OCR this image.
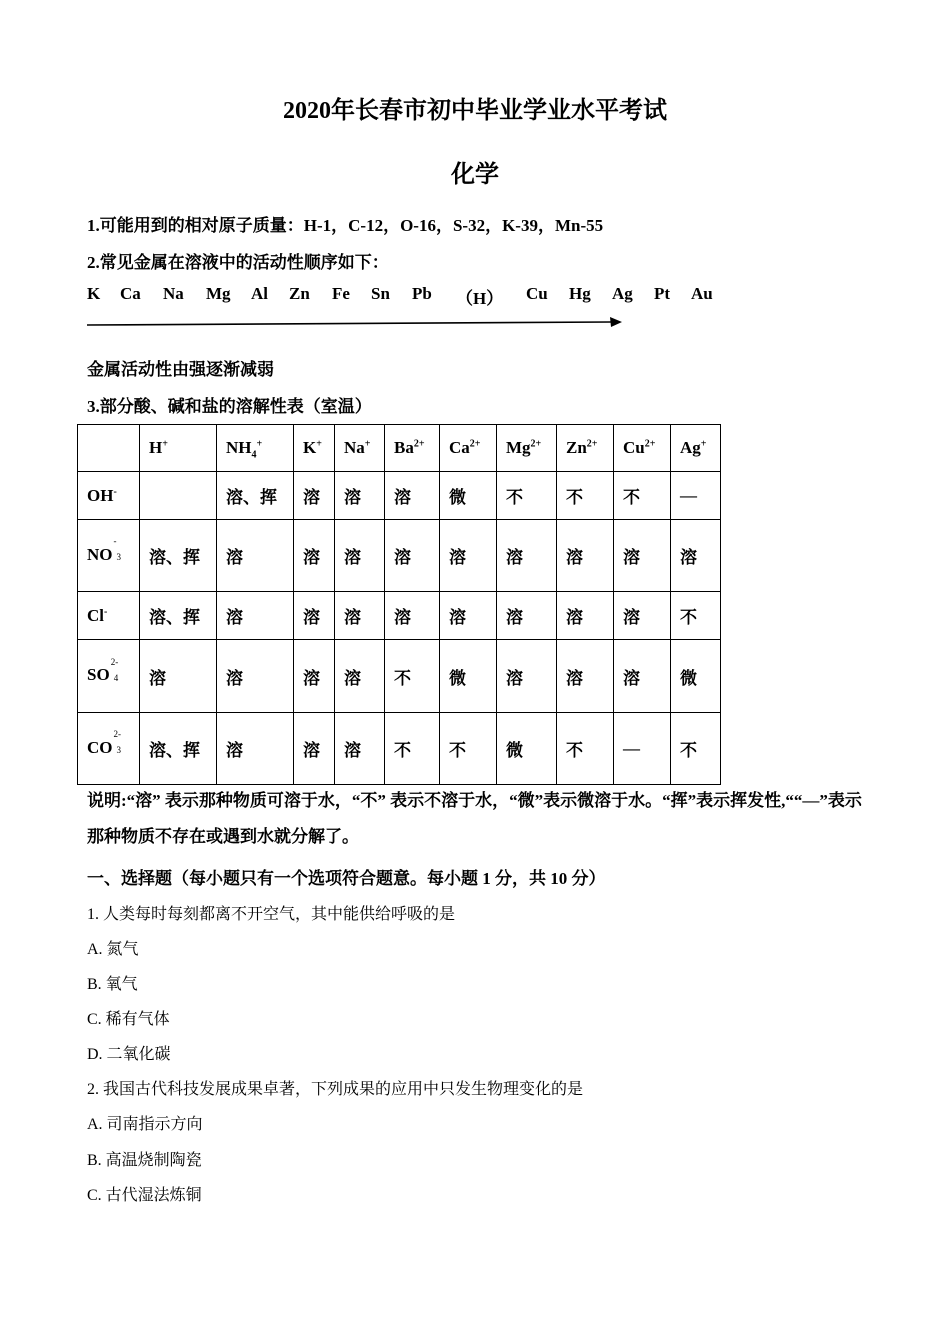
2020年长春市初中毕业学业水平考试
化学
1.可能用到的相对原子质量：H-1，C-12，O-16，S-32，K-39，Mn-55
2.常见金属在溶液中的活动性顺序如下：
K Ca Na Mg Al Zn Fe Sn Pb （H） Cu Hg Ag Pt Au
金属活动性由强逐渐减弱
3.部分酸、碱和盐的溶解性表（室温）
	H+	$NH_4^+$	K+	Na+	$Ba^{2+}$	$Ca^{2+}$	$Mg^{2+}$	$Zn^{2+}$	$Cu^{2+}$	Ag+
OH-		溶、挥	溶	溶	溶	微	不	不	不	—
NO
-
3	溶、挥	溶	溶	溶	溶	溶	溶	溶	溶	溶
Cl-	溶、挥	溶	溶	溶	溶	溶	溶	溶	溶	不
SO
2-
4	溶	溶	溶	溶	不	微	溶	溶	溶	微
CO
2-
3	溶、挥	溶	溶	溶	不	不	微	不	—	不
说明:“溶” 表示那种物质可溶于水，“不” 表示不溶于水，“微”表示微溶于水。“挥”表示挥发性,““—”表示那种物质不存在或遇到水就分解了。
一、选择题（每小题只有一个选项符合题意。每小题 1 分，共 10 分）
1. 人类每时每刻都离不开空气，其中能供给呼吸的是
A. 氮气
B. 氧气
C. 稀有气体
D. 二氧化碳
2. 我国古代科技发展成果卓著，下列成果的应用中只发生物理变化的是
A. 司南指示方向
B. 高温烧制陶瓷
C. 古代湿法炼铜
